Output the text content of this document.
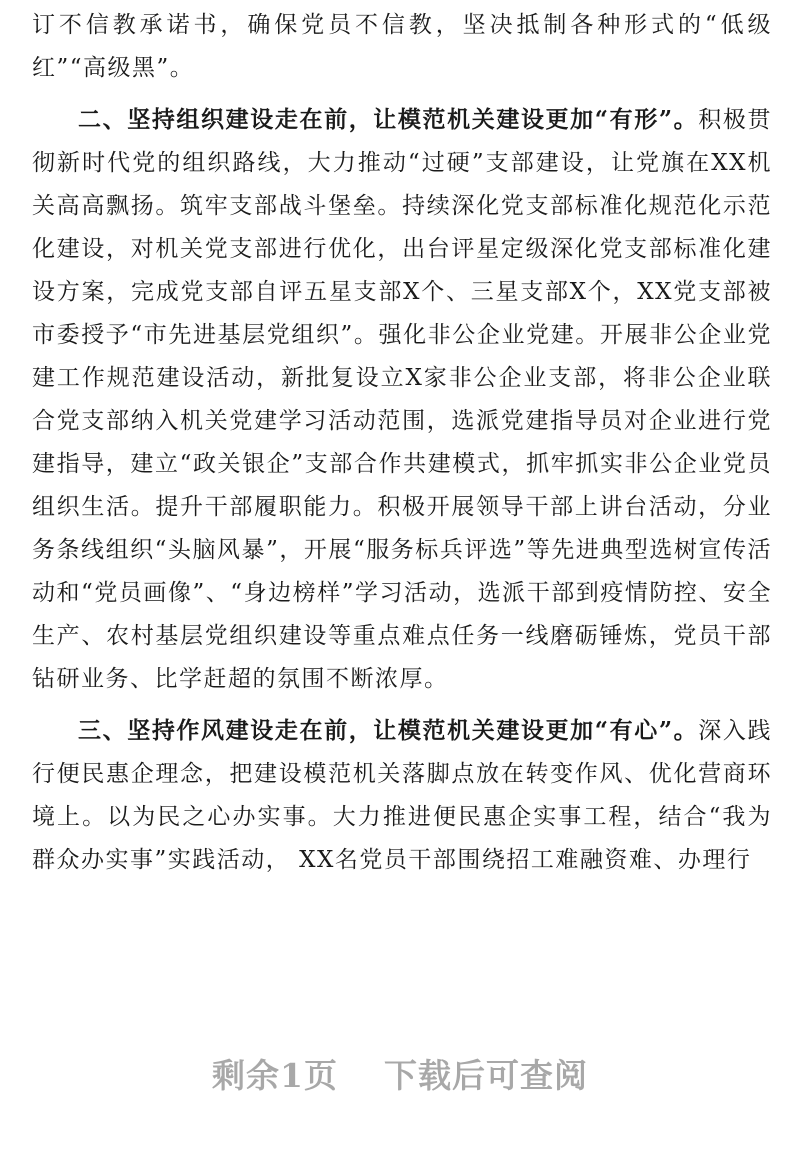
订不信教承诺书，确保党员不信教，坚决抵制各种形式的“低级红”“高级黑”。

二、坚持组织建设走在前，让模范机关建设更加“有形”。积极贯彻新时代党的组织路线，大力推动“过硬”支部建设，让党旗在XX机关高高飘扬。筑牢支部战斗堡垒。持续深化党支部标准化规范化示范化建设，对机关党支部进行优化，出台评星定级深化党支部标准化建设方案，完成党支部自评五星支部X个、三星支部X个，XX党支部被市委授予“市先进基层党组织”。强化非公企业党建。开展非公企业党建工作规范建设活动，新批复设立X家非公企业支部，将非公企业联合党支部纳入机关党建学习活动范围，选派党建指导员对企业进行党建指导，建立“政关银企”支部合作共建模式，抓牢抓实非公企业党员组织生活。提升干部履职能力。积极开展领导干部上讲台活动，分业务条线组织“头脑风暴”，开展“服务标兵评选”等先进典型选树宣传活动和“党员画像”、“身边榜样”学习活动，选派干部到疫情防控、安全生产、农村基层党组织建设等重点难点任务一线磨砺锤炼，党员干部钻研业务、比学赶超的氛围不断浓厚。

三、坚持作风建设走在前，让模范机关建设更加“有心”。深入践行便民惠企理念，把建设模范机关落脚点放在转变作风、优化营商环境上。以为民之心办实事。大力推进便民惠企实事工程，结合“我为群众办实事”实践活动， XX名党员干部围绕招工难融资难、办理行

剩余1页 下载后可查阅
